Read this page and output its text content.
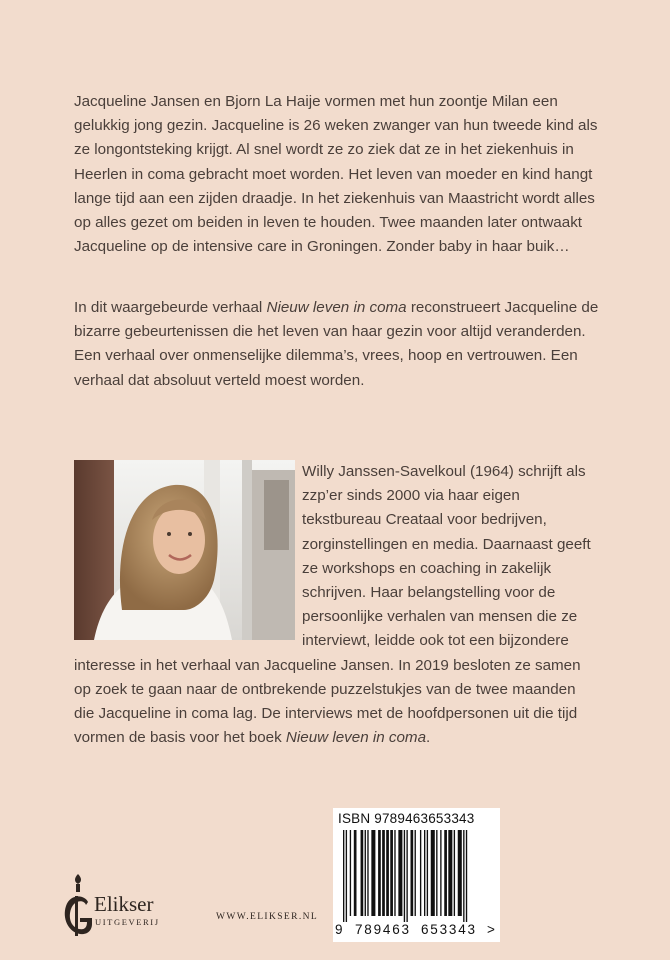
Jacqueline Jansen en Bjorn La Haije vormen met hun zoontje Milan een gelukkig jong gezin. Jacqueline is 26 weken zwanger van hun tweede kind als ze longontsteking krijgt. Al snel wordt ze zo ziek dat ze in het ziekenhuis in Heerlen in coma gebracht moet worden. Het leven van moeder en kind hangt lange tijd aan een zijden draadje. In het ziekenhuis van Maastricht wordt alles op alles gezet om beiden in leven te houden. Twee maanden later ontwaakt Jacqueline op de intensive care in Groningen. Zonder baby in haar buik…

In dit waargebeurde verhaal Nieuw leven in coma reconstrueert Jacqueline de bizarre gebeurtenissen die het leven van haar gezin voor altijd veranderden. Een verhaal over onmenselijke dilemma’s, vrees, hoop en vertrouwen. Een verhaal dat absoluut verteld moest worden.

Willy Janssen-Savelkoul (1964) schrijft als zzp’er sinds 2000 via haar eigen tekstbureau Creataal voor bedrijven, zorginstellingen en media. Daarnaast geeft ze workshops en coaching in zakelijk schrijven. Haar belangstelling voor de persoonlijke verhalen van mensen die ze interviewt, leidde ook tot een bijzondere interesse in het verhaal van Jacqueline Jansen. In 2019 besloten ze samen op zoek te gaan naar de ontbrekende puzzelstukjes van de twee maanden die Jacqueline in coma lag. De interviews met de hoofdpersonen uit die tijd vormen de basis voor het boek Nieuw leven in coma.

ISBN 9789463653343
9 789463 653343 >
Elikser
UITGEVERIJ	WWW.ELIKSER.NL
